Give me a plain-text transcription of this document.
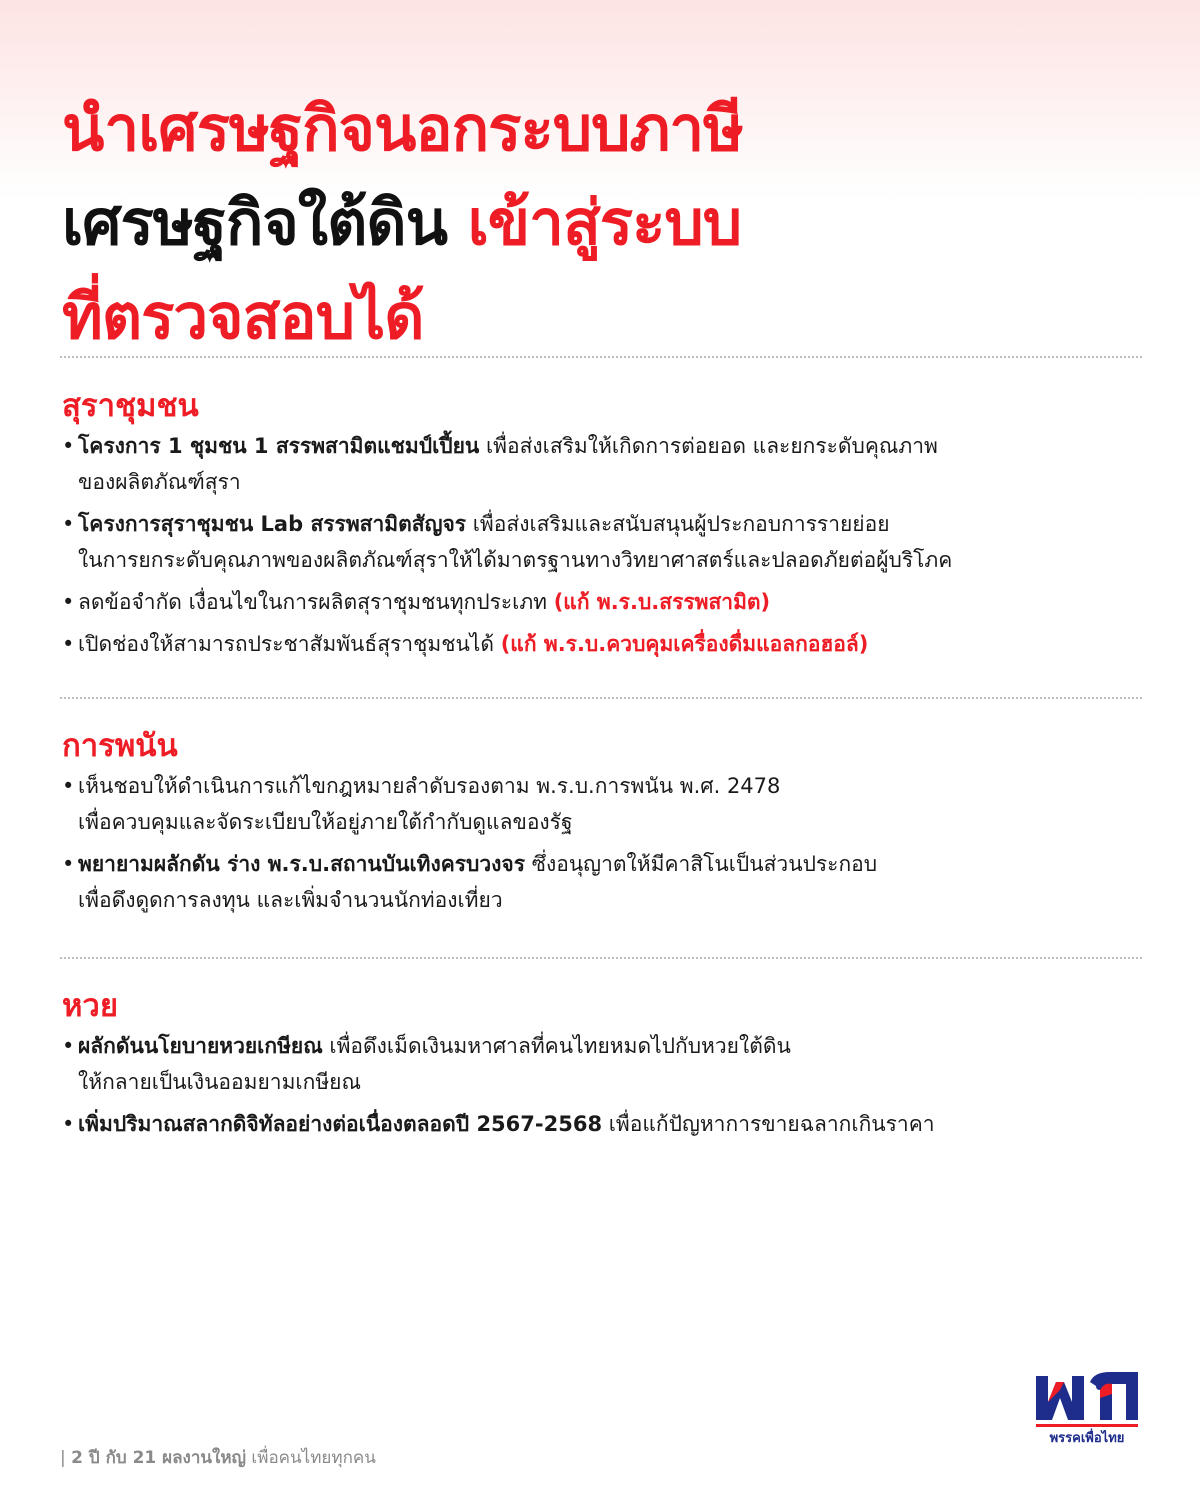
นำเศรษฐกิจนอกระบบภาษี
เศรษฐกิจใต้ดิน เข้าสู่ระบบ
ที่ตรวจสอบได้
สุราชุมชน
• โครงการ 1 ชุมชน 1 สรรพสามิตแชมป์เปี้ยน เพื่อส่งเสริมให้เกิดการต่อยอด และยกระดับคุณภาพ
ของผลิตภัณฑ์สุรา
• โครงการสุราชุมชน Lab สรรพสามิตสัญจร เพื่อส่งเสริมและสนับสนุนผู้ประกอบการรายย่อย
ในการยกระดับคุณภาพของผลิตภัณฑ์สุราให้ได้มาตรฐานทางวิทยาศาสตร์และปลอดภัยต่อผู้บริโภค
• ลดข้อจำกัด เงื่อนไขในการผลิตสุราชุมชนทุกประเภท (แก้ พ.ร.บ.สรรพสามิต)
• เปิดช่องให้สามารถประชาสัมพันธ์สุราชุมชนได้ (แก้ พ.ร.บ.ควบคุมเครื่องดื่มแอลกอฮอล์)
การพนัน
• เห็นชอบให้ดำเนินการแก้ไขกฎหมายลำดับรองตาม พ.ร.บ.การพนัน พ.ศ. 2478
เพื่อควบคุมและจัดระเบียบให้อยู่ภายใต้กำกับดูแลของรัฐ
• พยายามผลักดัน ร่าง พ.ร.บ.สถานบันเทิงครบวงจร ซึ่งอนุญาตให้มีคาสิโนเป็นส่วนประกอบ
เพื่อดึงดูดการลงทุน และเพิ่มจำนวนนักท่องเที่ยว
หวย
• ผลักดันนโยบายหวยเกษียณ เพื่อดึงเม็ดเงินมหาศาลที่คนไทยหมดไปกับหวยใต้ดิน
ให้กลายเป็นเงินออมยามเกษียณ
• เพิ่มปริมาณสลากดิจิทัลอย่างต่อเนื่องตลอดปี 2567-2568 เพื่อแก้ปัญหาการขายฉลากเกินราคา
| 2 ปี กับ 21 ผลงานใหญ่ เพื่อคนไทยทุกคน
พรรคเพื่อไทย
